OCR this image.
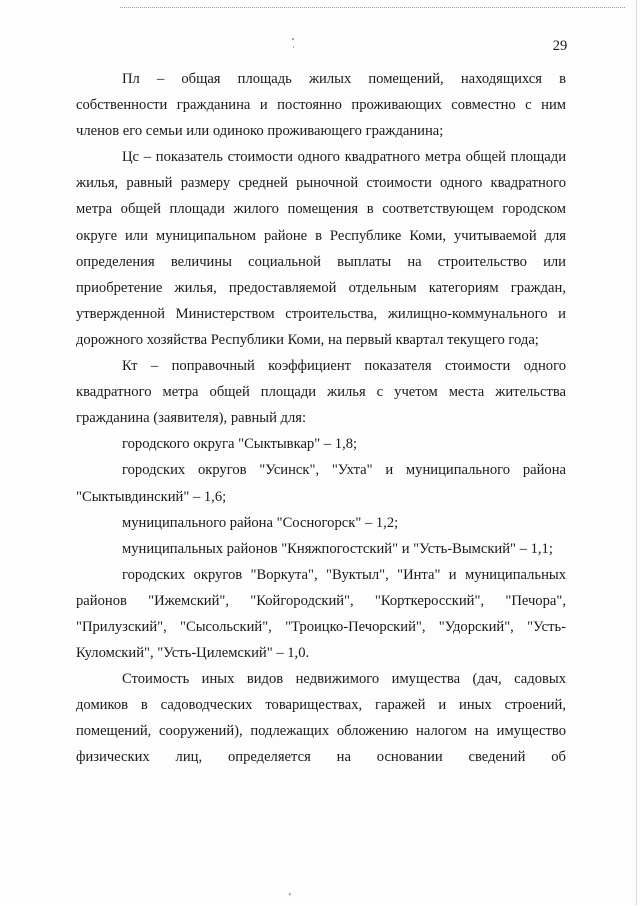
29

Пл – общая площадь жилых помещений, находящихся в собственности гражданина и постоянно проживающих совместно с ним членов его семьи или одиноко проживающего гражданина;

Цс – показатель стоимости одного квадратного метра общей площади жилья, равный размеру средней рыночной стоимости одного квадратного метра общей площади жилого помещения в соответствующем городском округе или муниципальном районе в Республике Коми, учитываемой для определения величины социальной выплаты на строительство или приобретение жилья, предоставляемой отдельным категориям граждан, утвержденной Министерством строительства, жилищно-коммунального и дорожного хозяйства Республики Коми, на первый квартал текущего года;

Кт – поправочный коэффициент показателя стоимости одного квадратного метра общей площади жилья с учетом места жительства гражданина (заявителя), равный для:

городского округа "Сыктывкар" – 1,8;

городских округов "Усинск", "Ухта" и муниципального района "Сыктывдинский" – 1,6;

муниципального района "Сосногорск" – 1,2;

муниципальных районов "Княжпогостский" и "Усть-Вымский" – 1,1;

городских округов "Воркута", "Вуктыл", "Инта" и муниципальных районов "Ижемский", "Койгородский", "Корткеросский", "Печора", "Прилузский", "Сысольский", "Троицко-Печорский", "Удорский", "Усть-Куломский", "Усть-Цилемский" – 1,0.

Стоимость иных видов недвижимого имущества (дач, садовых домиков в садоводческих товариществах, гаражей и иных строений, помещений, сооружений), подлежащих обложению налогом на имущество физических лиц, определяется на основании сведений об

ﾞ
